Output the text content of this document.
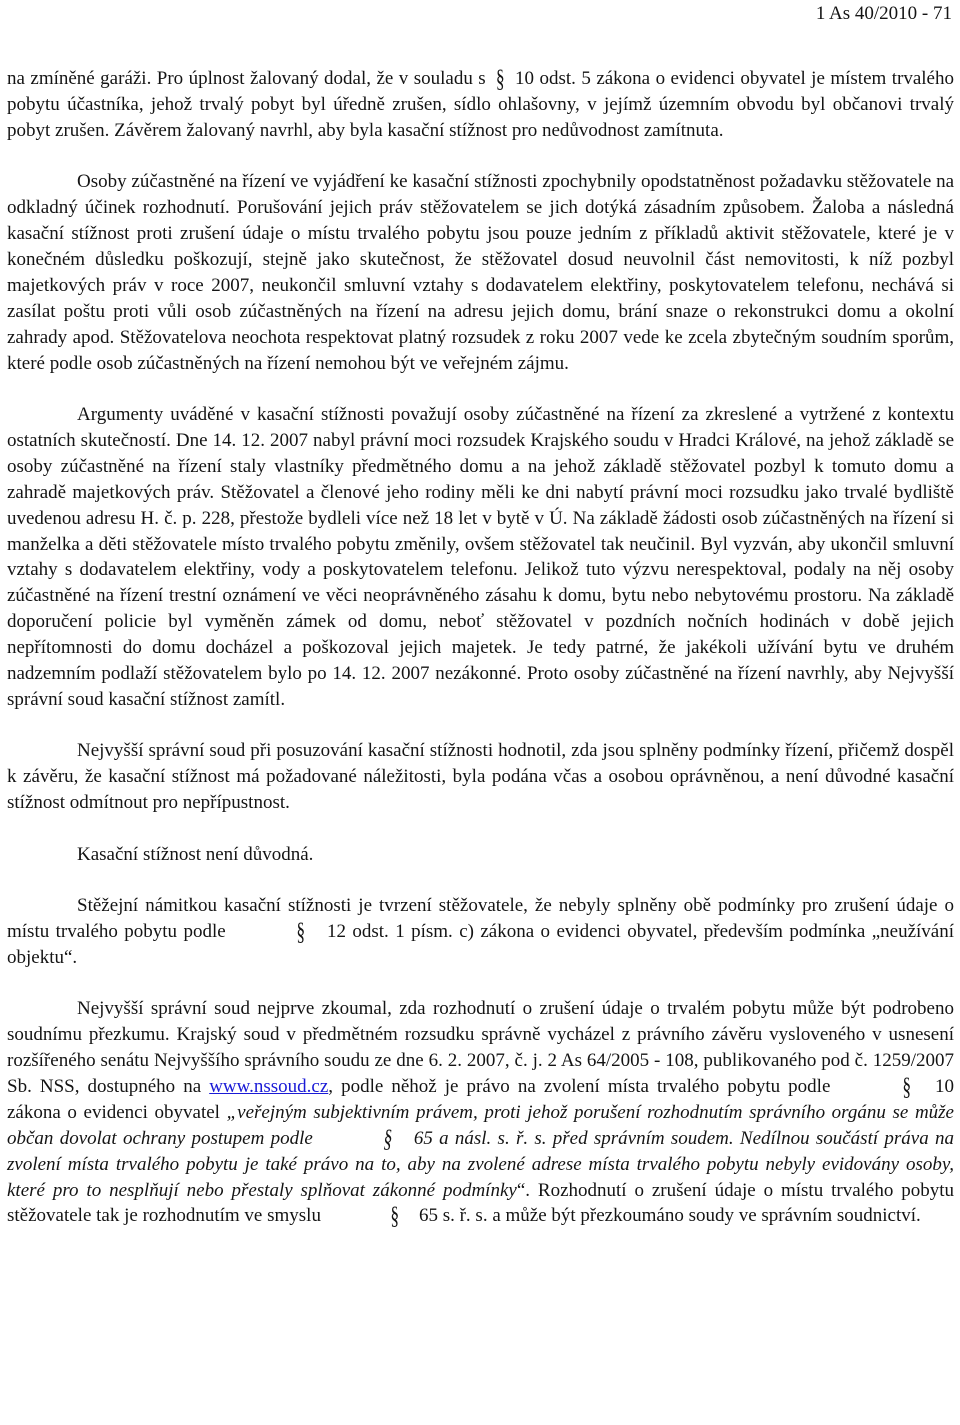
1 As 40/2010 - 71

na zmíněné garáži. Pro úplnost žalovaný dodal, že v souladu s § 10 odst. 5 zákona o evidenci obyvatel je místem trvalého pobytu účastníka, jehož trvalý pobyt byl úředně zrušen, sídlo ohlašovny, v jejímž územním obvodu byl občanovi trvalý pobyt zrušen. Závěrem žalovaný navrhl, aby byla kasační stížnost pro nedůvodnost zamítnuta.

Osoby zúčastněné na řízení ve vyjádření ke kasační stížnosti zpochybnily opodstatněnost požadavku stěžovatele na odkladný účinek rozhodnutí. Porušování jejich práv stěžovatelem se jich dotýká zásadním způsobem. Žaloba a následná kasační stížnost proti zrušení údaje o místu trvalého pobytu jsou pouze jedním z příkladů aktivit stěžovatele, které je v konečném důsledku poškozují, stejně jako skutečnost, že stěžovatel dosud neuvolnil část nemovitosti, k níž pozbyl majetkových práv v roce 2007, neukončil smluvní vztahy s dodavatelem elektřiny, poskytovatelem telefonu, nechává si zasílat poštu proti vůli osob zúčastněných na řízení na adresu jejich domu, brání snaze o rekonstrukci domu a okolní zahrady apod. Stěžovatelova neochota respektovat platný rozsudek z roku 2007 vede ke zcela zbytečným soudním sporům, které podle osob zúčastněných na řízení nemohou být ve veřejném zájmu.

Argumenty uváděné v kasační stížnosti považují osoby zúčastněné na řízení za zkreslené a vytržené z kontextu ostatních skutečností. Dne 14. 12. 2007 nabyl právní moci rozsudek Krajského soudu v Hradci Králové, na jehož základě se osoby zúčastněné na řízení staly vlastníky předmětného domu a na jehož základě stěžovatel pozbyl k tomuto domu a zahradě majetkových práv. Stěžovatel a členové jeho rodiny měli ke dni nabytí právní moci rozsudku jako trvalé bydliště uvedenou adresu H. č. p. 228, přestože bydleli více než 18 let v bytě v Ú. Na základě žádosti osob zúčastněných na řízení si manželka a děti stěžovatele místo trvalého pobytu změnily, ovšem stěžovatel tak neučinil. Byl vyzván, aby ukončil smluvní vztahy s dodavatelem elektřiny, vody a poskytovatelem telefonu. Jelikož tuto výzvu nerespektoval, podaly na něj osoby zúčastněné na řízení trestní oznámení ve věci neoprávněného zásahu k domu, bytu nebo nebytovému prostoru. Na základě doporučení policie byl vyměněn zámek od domu, neboť stěžovatel v pozdních nočních hodinách v době jejich nepřítomnosti do domu docházel a poškozoval jejich majetek. Je tedy patrné, že jakékoli užívání bytu ve druhém nadzemním podlaží stěžovatelem bylo po 14. 12. 2007 nezákonné. Proto osoby zúčastněné na řízení navrhly, aby Nejvyšší správní soud kasační stížnost zamítl.

Nejvyšší správní soud při posuzování kasační stížnosti hodnotil, zda jsou splněny podmínky řízení, přičemž dospěl k závěru, že kasační stížnost má požadované náležitosti, byla podána včas a osobou oprávněnou, a není důvodné kasační stížnost odmítnout pro nepřípustnost.

Kasační stížnost není důvodná.

Stěžejní námitkou kasační stížnosti je tvrzení stěžovatele, že nebyly splněny obě podmínky pro zrušení údaje o místu trvalého pobytu podle	§ 12 odst. 1 písm. c) zákona o evidenci obyvatel, především podmínka „neužívání objektu“.

Nejvyšší správní soud nejprve zkoumal, zda rozhodnutí o zrušení údaje o trvalém pobytu může být podrobeno soudnímu přezkumu. Krajský soud v předmětném rozsudku správně vycházel z právního závěru vysloveného v usnesení rozšířeného senátu Nejvyššího správního soudu ze dne 6. 2. 2007, č. j. 2 As 64/2005 - 108, publikovaného pod č. 1259/2007 Sb. NSS, dostupného na www.nssoud.cz, podle něhož je právo na zvolení místa trvalého pobytu podle	§ 10 zákona o evidenci obyvatel „veřejným subjektivním právem, proti jehož porušení rozhodnutím správního orgánu se může občan dovolat ochrany postupem podle	§ 65 a násl. s. ř. s. před správním soudem. Nedílnou součástí práva na zvolení místa trvalého pobytu je také právo na to, aby na zvolené adrese místa trvalého pobytu nebyly evidovány osoby, které pro to nesplňují nebo přestaly splňovat zákonné podmínky“. Rozhodnutí o zrušení údaje o místu trvalého pobytu stěžovatele tak je rozhodnutím ve smyslu	§ 65 s. ř. s. a může být přezkoumáno soudy ve správním soudnictví.
